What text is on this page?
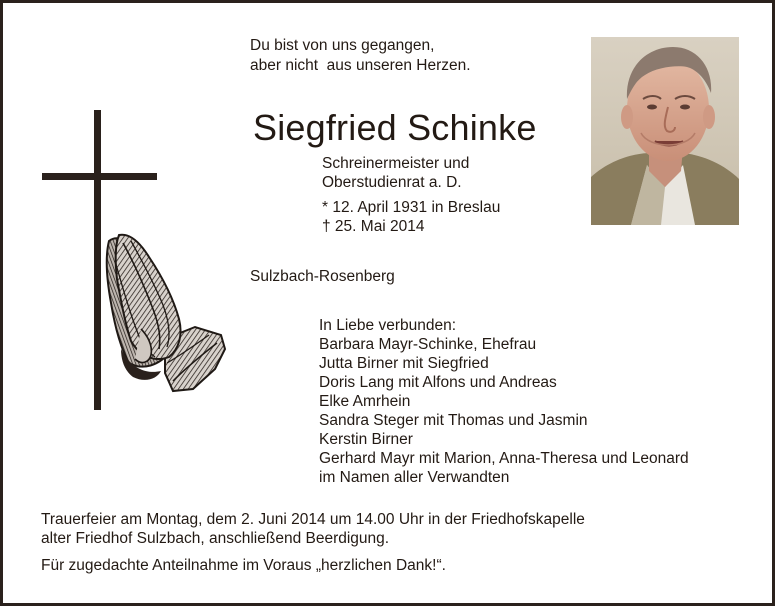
Du bist von uns gegangen,
aber nicht  aus unseren Herzen.
Siegfried Schinke
Schreinermeister und
Oberstudienrat a. D.
* 12. April 1931 in Breslau
† 25. Mai 2014
Sulzbach-Rosenberg
In Liebe verbunden:
Barbara Mayr-Schinke, Ehefrau
Jutta Birner mit Siegfried
Doris Lang mit Alfons und Andreas
Elke Amrhein
Sandra Steger mit Thomas und Jasmin
Kerstin Birner
Gerhard Mayr mit Marion, Anna-Theresa und Leonard
im Namen aller Verwandten
Trauerfeier am Montag, dem 2. Juni 2014 um 14.00 Uhr in der Friedhofskapelle
alter Friedhof Sulzbach, anschließend Beerdigung.
Für zugedachte Anteilnahme im Voraus „herzlichen Dank!“.
